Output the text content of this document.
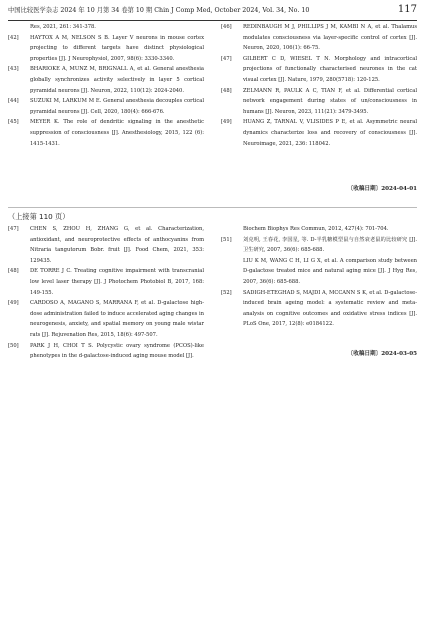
中国比较医学杂志 2024 年 10 月第 34 卷第 10 期 Chin J Comp Med, October 2024, Vol. 34, No. 10	117

Res, 2021, 261: 341-378.

[42] HAYTOX A M, NELSON S B. Layer V neurons in mouse cortex projecting to different targets have distinct physiological properties [J]. J Neurophysiol, 2007, 98(6): 3330-3340.

[43] BHARIOKE A, MUNZ M, BRIGNALL A, et al. General anesthesia globally synchronizes activity selectively in layer 5 cortical pyramidal neurons [J]. Neuron, 2022, 110(12): 2024-2040.

[44] SUZUKI M, LARKUM M E. General anesthesia decouples cortical pyramidal neurons [J]. Cell, 2020, 180(4): 666-676.

[45] MEYER K. The role of dendritic signaling in the anesthetic suppression of consciousness [J]. Anesthesiology, 2015, 122 (6): 1415-1431.

[46] REDINBAUGH M J, PHILLIPS J M, KAMBI N A, et al. Thalamus modulates consciousness via layer-specific control of cortex [J]. Neuron, 2020, 106(1): 66-75.

[47] GILBERT C D, WIESEL T N. Morphology and intracortical projections of functionally characterised neurones in the cat visual cortex [J]. Nature, 1979, 280(5718): 120-125.

[48] ZELMANN R, PAULK A C, TIAN F, et al. Differential cortical network engagement during states of un/consciousness in humans [J]. Neuron, 2023, 111(21): 3479-3495.

[49] HUANG Z, TARNAL V, VLISIDES P E, et al. Asymmetric neural dynamics characterize loss and recovery of consciousness [J]. Neuroimage, 2021, 236: 118042.

〔收稿日期〕2024-04-01
（上接第 110 页）

[47] CHEN S, ZHOU H, ZHANG G, et al. Characterization, antioxidant, and neuroprotective effects of anthocyanins from Nitraria tangutorum Bobr. fruit [J]. Food Chem, 2021, 353: 129435.

[48] DE TORRE J C. Treating cognitive impairment with transcranial low level laser therapy [J]. J Photochem Photobiol B, 2017, 168: 149-155.

[49] CARDOSO A, MAGANO S, MARRANA F, et al. D-galactose high-dose administration failed to induce accelerated aging changes in neurogenesis, anxiety, and spatial memory on young male wistar rats [J]. Rejuvenation Res, 2015, 18(6): 497-507.

[50] PARK J H, CHOI T S. Polycystic ovary syndrome (PCOS)-like phenotypes in the d-galactose-induced aging mouse model [J].

Biochem Biophys Res Commun, 2012, 427(4): 701-704.

[51] 刘克明, 王春花, 李国星, 等. D-半乳糖模型鼠与自然衰老鼠的比较研究 [J]. 卫生研究, 2007, 36(6): 685-688.
LIU K M, WANG C H, LI G X, et al. A comparison study between D-galactose treated mice and natural aging mice [J]. J Hyg Res, 2007, 36(6): 685-688.

[52] SADIGH-ETEGHAD S, MAJDI A, MCCANN S K, et al. D-galactose-induced brain ageing model: a systematic review and meta-analysis on cognitive outcomes and oxidative stress indices [J]. PLoS One, 2017, 12(8): e0184122.

〔收稿日期〕2024-03-05
